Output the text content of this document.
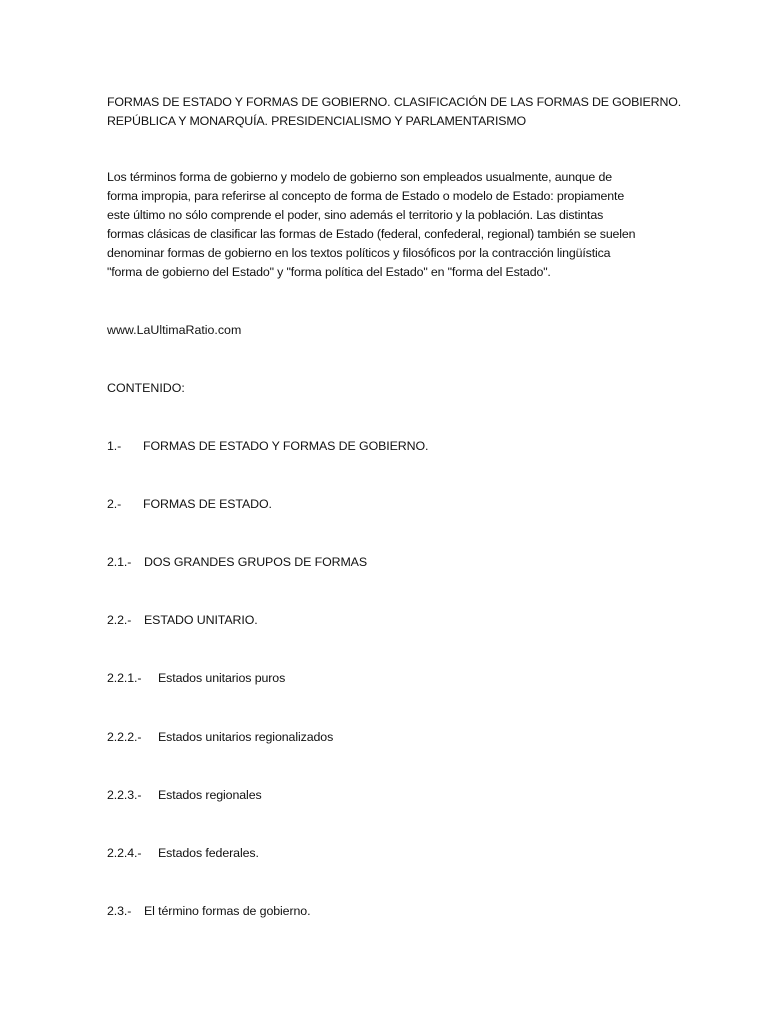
FORMAS DE ESTADO Y FORMAS DE GOBIERNO. CLASIFICACIÓN DE LAS FORMAS DE GOBIERNO.
REPÚBLICA Y MONARQUÍA. PRESIDENCIALISMO Y PARLAMENTARISMO

Los términos forma de gobierno y modelo de gobierno son empleados usualmente, aunque de
forma impropia, para referirse al concepto de forma de Estado o modelo de Estado: propiamente
este último no sólo comprende el poder, sino además el territorio y la población. Las distintas
formas clásicas de clasificar las formas de Estado (federal, confederal, regional) también se suelen
denominar formas de gobierno en los textos políticos y filosóficos por la contracción lingüística
"forma de gobierno del Estado" y "forma política del Estado" en "forma del Estado".

www.LaUltimaRatio.com

CONTENIDO:
1.- FORMAS DE ESTADO Y FORMAS DE GOBIERNO.
2.- FORMAS DE ESTADO.
2.1.- DOS GRANDES GRUPOS DE FORMAS
2.2.- ESTADO UNITARIO.
2.2.1.- Estados unitarios puros
2.2.2.- Estados unitarios regionalizados
2.2.3.- Estados regionales
2.2.4.- Estados federales.
2.3.- El término formas de gobierno.
